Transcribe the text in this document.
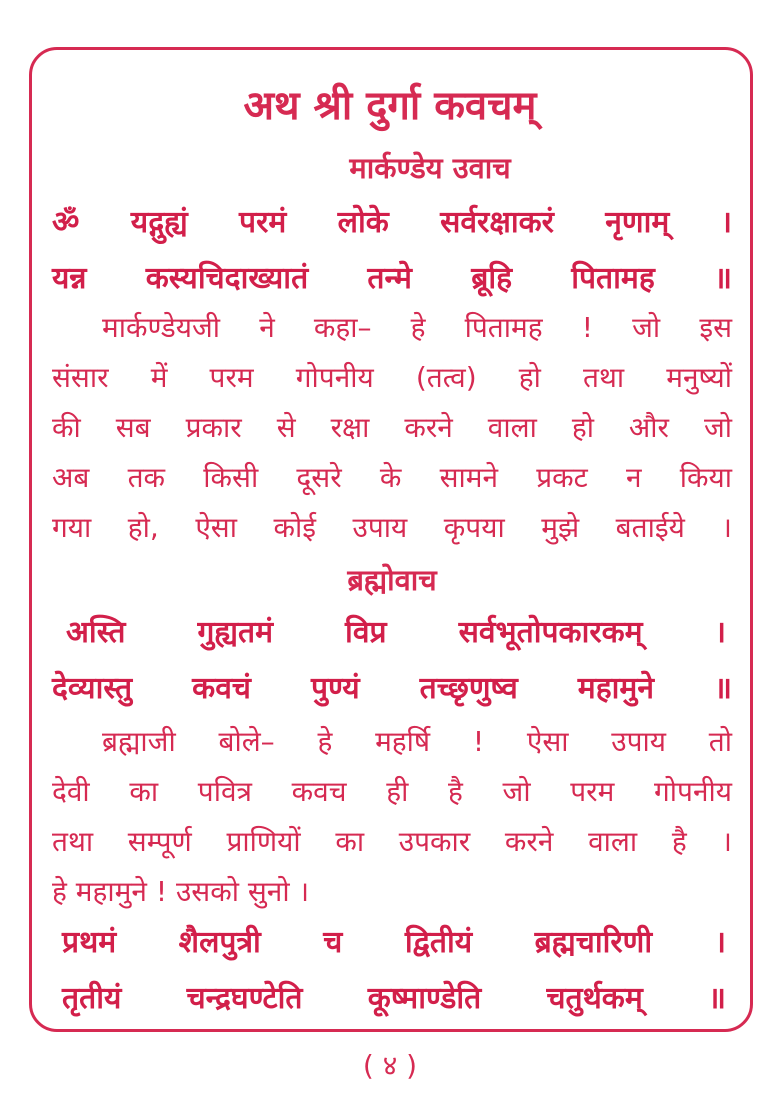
अथ श्री दुर्गा कवचम्
मार्कण्डेय उवाच
ॐ यद्गुह्यं परमं लोके सर्वरक्षाकरं नृणाम् ।
यन्न कस्यचिदाख्यातं तन्मे ब्रूहि पितामह ॥
मार्कण्डेयजी ने कहा– हे पितामह ! जो इस
संसार में परम गोपनीय (तत्व) हो तथा मनुष्यों
की सब प्रकार से रक्षा करने वाला हो और जो
अब तक किसी दूसरे के सामने प्रकट न किया
गया हो, ऐसा कोई उपाय कृपया मुझे बताईये ।
ब्रह्मोवाच
अस्ति गुह्यतमं विप्र सर्वभूतोपकारकम् ।
देव्यास्तु कवचं पुण्यं तच्छृणुष्व महामुने ॥
ब्रह्माजी बोले– हे महर्षि ! ऐसा उपाय तो
देवी का पवित्र कवच ही है जो परम गोपनीय
तथा सम्पूर्ण प्राणियों का उपकार करने वाला है ।
हे महामुने ! उसको सुनो ।
प्रथमं शैलपुत्री च द्वितीयं ब्रह्मचारिणी ।
तृतीयं चन्द्रघण्टेति कूष्माण्डेति चतुर्थकम् ॥
( ४ )
